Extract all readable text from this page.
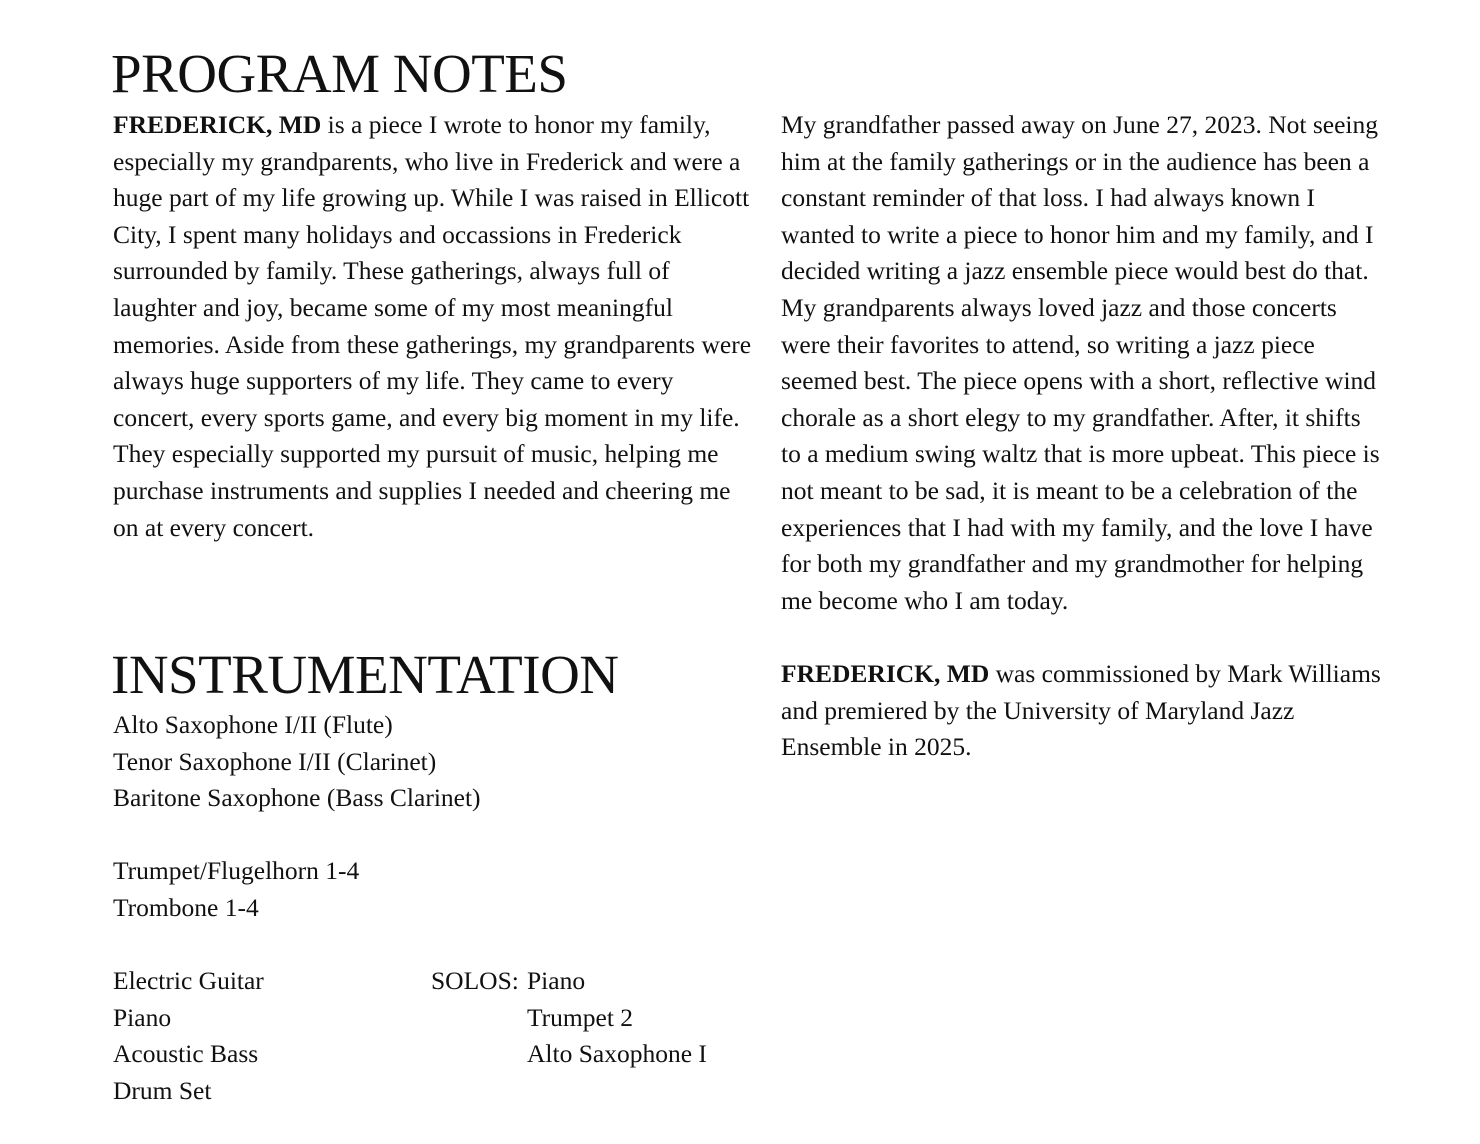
PROGRAM NOTES

FREDERICK, MD is a piece I wrote to honor my family, especially my grandparents, who live in Frederick and were a huge part of my life growing up. While I was raised in Ellicott City, I spent many holidays and occassions in Frederick surrounded by family. These gatherings, always full of laughter and joy, became some of my most meaningful memories. Aside from these gatherings, my grandparents were always huge supporters of my life. They came to every concert, every sports game, and every big moment in my life. They especially supported my pursuit of music, helping me purchase instruments and supplies I needed and cheering me on at every concert.

INSTRUMENTATION
Alto Saxophone I/II (Flute)
Tenor Saxophone I/II (Clarinet)
Baritone Saxophone (Bass Clarinet)
Trumpet/Flugelhorn 1-4
Trombone 1-4
Electric Guitar
Piano
Acoustic Bass
Drum Set
SOLOS: Piano
Trumpet 2
Alto Saxophone I

My grandfather passed away on June 27, 2023. Not seeing him at the family gatherings or in the audience has been a constant reminder of that loss. I had always known I wanted to write a piece to honor him and my family, and I decided writing a jazz ensemble piece would best do that. My grandparents always loved jazz and those concerts were their favorites to attend, so writing a jazz piece seemed best. The piece opens with a short, reflective wind chorale as a short elegy to my grandfather. After, it shifts to a medium swing waltz that is more upbeat. This piece is not meant to be sad, it is meant to be a celebration of the experiences that I had with my family, and the love I have for both my grandfather and my grandmother for helping me become who I am today.

FREDERICK, MD was commissioned by Mark Williams and premiered by the University of Maryland Jazz Ensemble in 2025.
